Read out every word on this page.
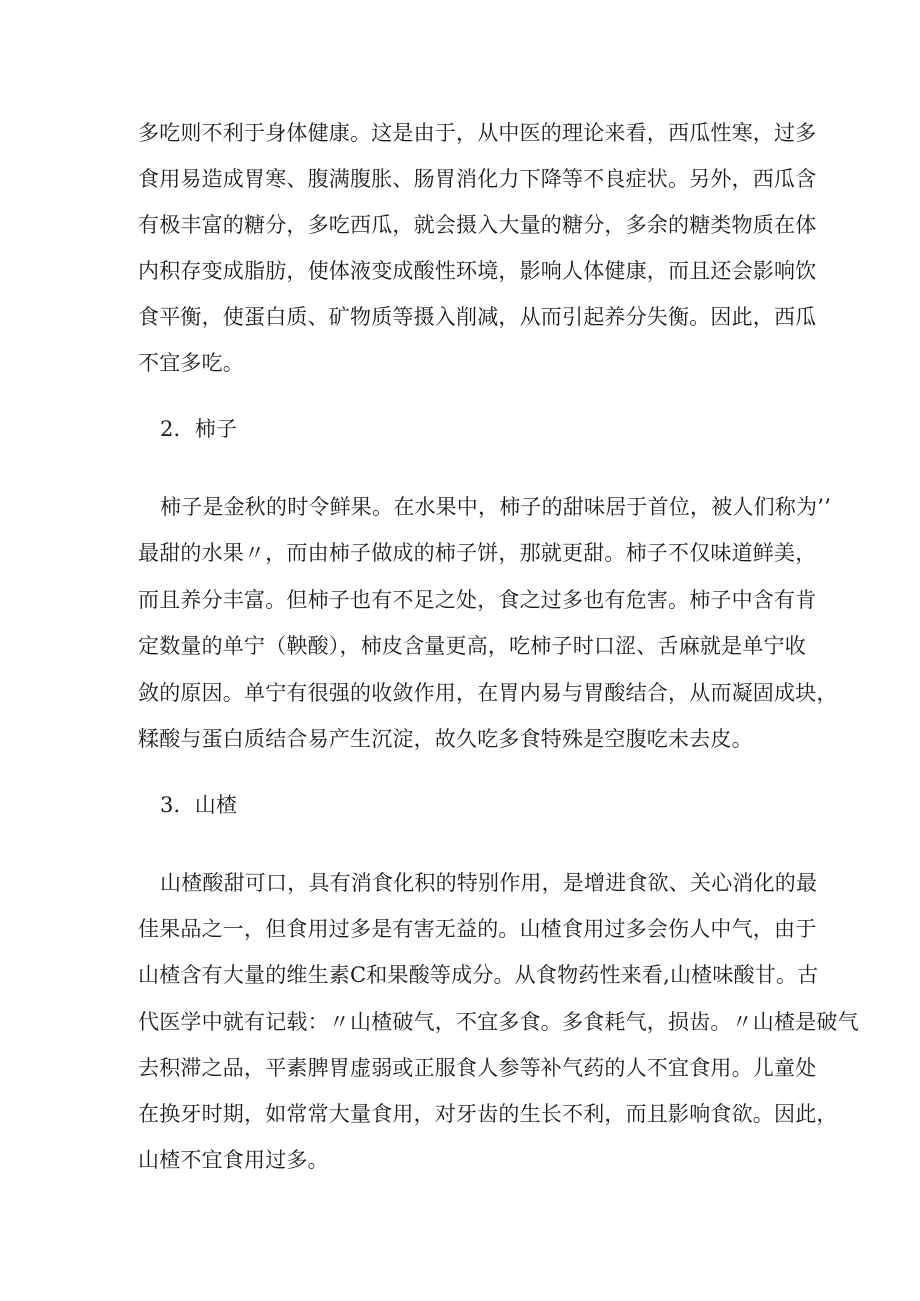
多吃则不利于身体健康。这是由于，从中医的理论来看，西瓜性寒，过多

食用易造成胃寒、腹满腹胀、肠胃消化力下降等不良症状。另外，西瓜含

有极丰富的糖分，多吃西瓜，就会摄入大量的糖分，多余的糖类物质在体

内积存变成脂肪，使体液变成酸性环境，影响人体健康，而且还会影响饮

食平衡，使蛋白质、矿物质等摄入削减，从而引起养分失衡。因此，西瓜

不宜多吃。

2．柿子

柿子是金秋的时令鲜果。在水果中，柿子的甜味居于首位，被人们称为’’

最甜的水果〃，而由柿子做成的柿子饼，那就更甜。柿子不仅味道鲜美，

而且养分丰富。但柿子也有不足之处，食之过多也有危害。柿子中含有肯

定数量的单宁（鞅酸），柿皮含量更高，吃柿子时口涩、舌麻就是单宁收

敛的原因。单宁有很强的收敛作用，在胃内易与胃酸结合，从而凝固成块，

糅酸与蛋白质结合易产生沉淀，故久吃多食特殊是空腹吃未去皮。

3．山楂

山楂酸甜可口，具有消食化积的特别作用，是增进食欲、关心消化的最

佳果品之一，但食用过多是有害无益的。山楂食用过多会伤人中气，由于

山楂含有大量的维生素C和果酸等成分。从食物药性来看,山楂味酸甘。古

代医学中就有记载：〃山楂破气，不宜多食。多食耗气，损齿。〃山楂是破气

去积滞之品，平素脾胃虚弱或正服食人参等补气药的人不宜食用。儿童处

在换牙时期，如常常大量食用，对牙齿的生长不利，而且影响食欲。因此，

山楂不宜食用过多。
